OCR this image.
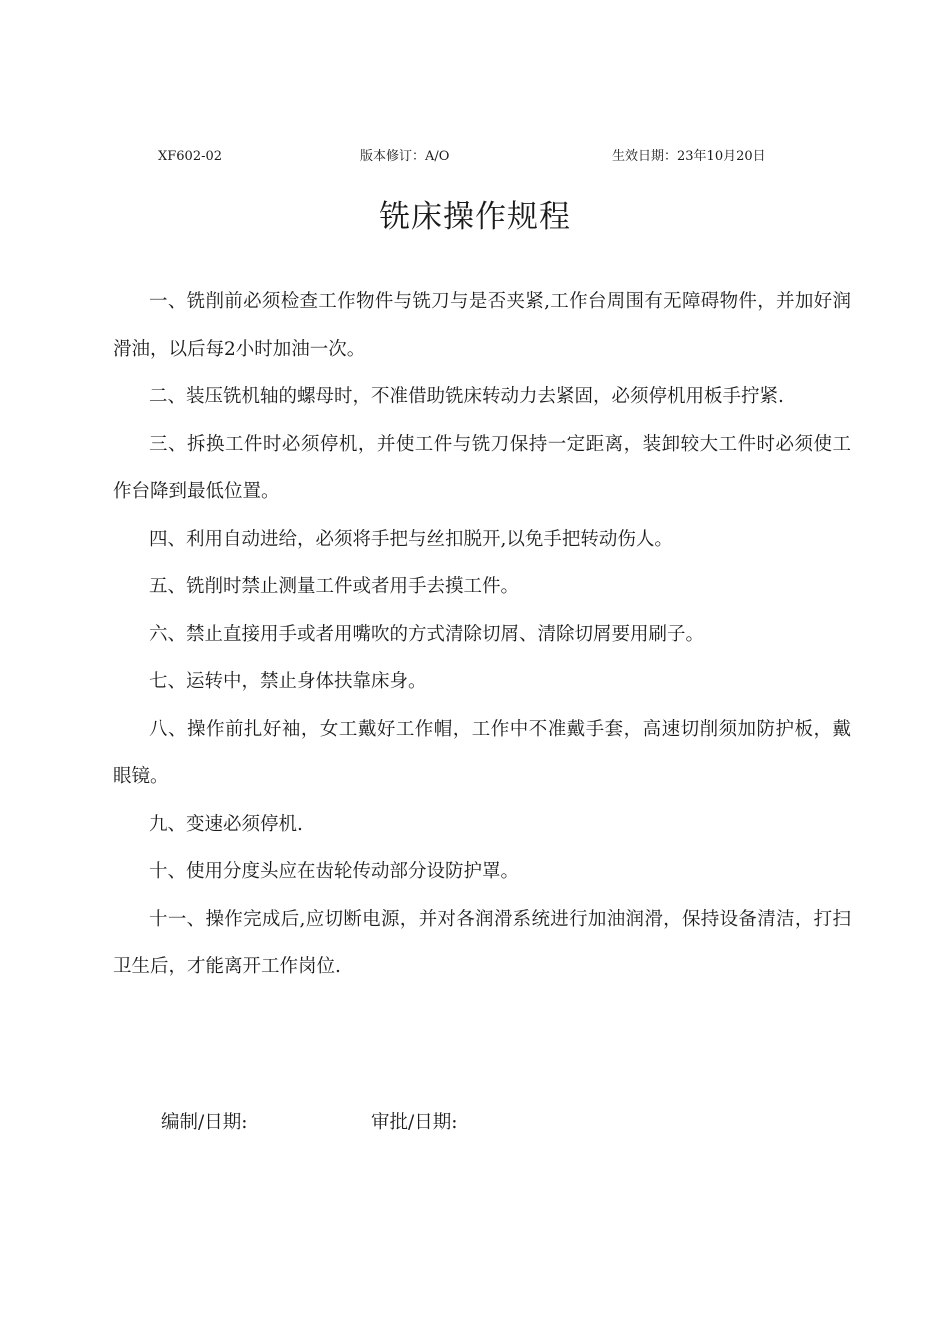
XF602-02	版本修订：A/O	生效日期：23年10月20日
铣床操作规程

一、铣削前必须检查工作物件与铣刀与是否夹紧,工作台周围有无障碍物件，并加好润滑油，以后每2小时加油一次。

二、装压铣机轴的螺母时，不准借助铣床转动力去紧固，必须停机用板手拧紧.

三、拆换工件时必须停机，并使工件与铣刀保持一定距离，装卸较大工件时必须使工作台降到最低位置。

四、利用自动进给，必须将手把与丝扣脱开,以免手把转动伤人。

五、铣削时禁止测量工件或者用手去摸工件。

六、禁止直接用手或者用嘴吹的方式清除切屑、清除切屑要用刷子。

七、运转中，禁止身体扶靠床身。

八、操作前扎好袖，女工戴好工作帽，工作中不准戴手套，高速切削须加防护板，戴眼镜。

九、变速必须停机.

十、使用分度头应在齿轮传动部分设防护罩。

十一、操作完成后,应切断电源，并对各润滑系统进行加油润滑，保持设备清洁，打扫卫生后，才能离开工作岗位.

编制/日期:	审批/日期:
